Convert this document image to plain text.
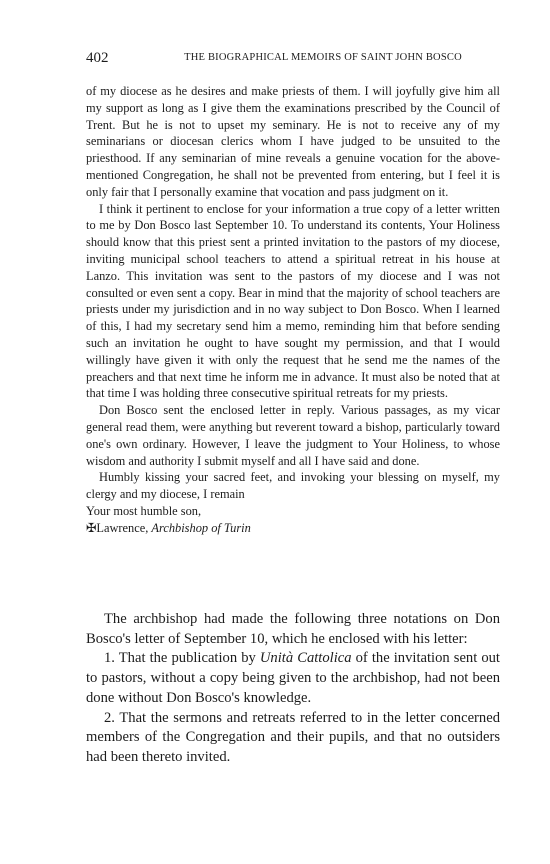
402	THE BIOGRAPHICAL MEMOIRS OF SAINT JOHN BOSCO

of my diocese as he desires and make priests of them. I will joyfully give him all my support as long as I give them the examinations prescribed by the Council of Trent. But he is not to upset my seminary. He is not to receive any of my seminarians or diocesan clerics whom I have judged to be unsuited to the priesthood. If any seminarian of mine reveals a genuine vocation for the above-mentioned Congregation, he shall not be prevented from entering, but I feel it is only fair that I personally examine that vocation and pass judgment on it.

I think it pertinent to enclose for your information a true copy of a letter written to me by Don Bosco last September 10. To understand its contents, Your Holiness should know that this priest sent a printed invitation to the pastors of my diocese, inviting municipal school teachers to attend a spiritual retreat in his house at Lanzo. This invitation was sent to the pastors of my diocese and I was not consulted or even sent a copy. Bear in mind that the majority of school teachers are priests under my jurisdiction and in no way subject to Don Bosco. When I learned of this, I had my secretary send him a memo, reminding him that before sending such an invitation he ought to have sought my permission, and that I would willingly have given it with only the request that he send me the names of the preachers and that next time he inform me in advance. It must also be noted that at that time I was holding three consecutive spiritual retreats for my priests.

Don Bosco sent the enclosed letter in reply. Various passages, as my vicar general read them, were anything but reverent toward a bishop, particularly toward one's own ordinary. However, I leave the judgment to Your Holiness, to whose wisdom and authority I submit myself and all I have said and done.

Humbly kissing your sacred feet, and invoking your blessing on myself, my clergy and my diocese, I remain

Your most humble son,

✠Lawrence, Archbishop of Turin

The archbishop had made the following three notations on Don Bosco's letter of September 10, which he enclosed with his letter:

1. That the publication by Unità Cattolica of the invitation sent out to pastors, without a copy being given to the archbishop, had not been done without Don Bosco's knowledge.

2. That the sermons and retreats referred to in the letter concerned members of the Congregation and their pupils, and that no outsiders had been thereto invited.
